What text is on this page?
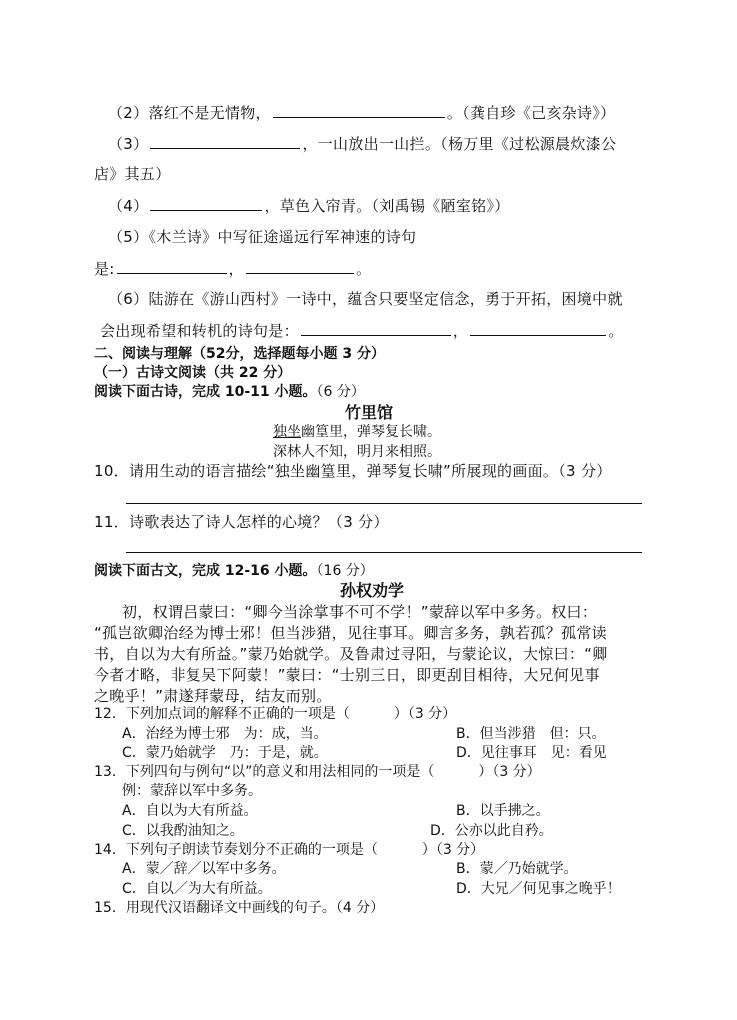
（2）落红不是无情物，	。（龚自珍《己亥杂诗》）
（3）	，一山放出一山拦。（杨万里《过松源晨炊漆公
店》其五）
（4）	，草色入帘青。（刘禹锡《陋室铭》）
（5）《木兰诗》中写征途遥远行军神速的诗句
是:	，	。
（6）陆游在《游山西村》一诗中，蕴含只要坚定信念，勇于开拓，困境中就
会出现希望和转机的诗句是：	，	。
二、阅读与理解（52分，选择题每小题 3 分）
（一）古诗文阅读（共 22 分）
阅读下面古诗，完成 10-11 小题。（6 分）
竹里馆
独坐幽篁里，弹琴复长啸。
深林人不知，明月来相照。
10．请用生动的语言描绘“独坐幽篁里，弹琴复长啸”所展现的画面。（3 分）
11．诗歌表达了诗人怎样的心境？（3 分）
阅读下面古文，完成 12-16 小题。（16 分）
孙权劝学
初，权谓吕蒙曰：“卿今当涂掌事不可不学！”蒙辞以军中多务。权曰：
“孤岂欲卿治经为博士邪！但当涉猎，见往事耳。卿言多务，孰若孤？孤常读
书，自以为大有所益。”蒙乃始就学。及鲁肃过寻阳，与蒙论议，大惊曰：“卿
今者才略，非复吴下阿蒙！”蒙曰：“士别三日，即更刮目相待，大兄何见事
之晚乎！”肃遂拜蒙母，结友而别。
12．下列加点词的解释不正确的一项是（	）（3 分）
A．治经为博士邪　为：成，当。	B．但当涉猎　但：只。
C．蒙乃始就学　乃：于是，就。	D．见往事耳　见：看见
13．下列四句与例句“以”的意义和用法相同的一项是（	）（3 分）
例：蒙辞以军中多务。
A．自以为大有所益。	B．以手拂之。
C．以我酌油知之。	D．公亦以此自矜。
14．下列句子朗读节奏划分不正确的一项是（	）（3 分）
A．蒙／辞／以军中多务。	B．蒙／乃始就学。
C．自以／为大有所益。	D．大兄／何见事之晚乎！
15．用现代汉语翻译文中画线的句子。（4 分）
